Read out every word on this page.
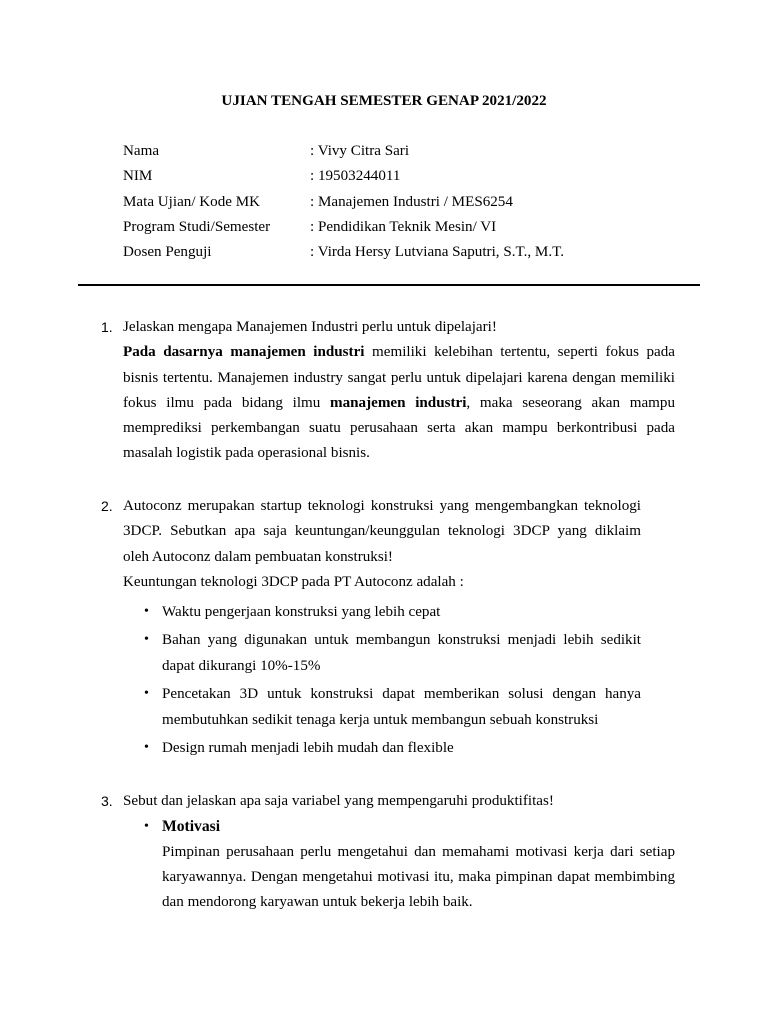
UJIAN TENGAH SEMESTER GENAP 2021/2022
Nama	: Vivy Citra Sari
NIM	: 19503244011
Mata Ujian/ Kode MK	: Manajemen Industri / MES6254
Program Studi/Semester	: Pendidikan Teknik Mesin/ VI
Dosen Penguji	: Virda Hersy Lutviana Saputri, S.T., M.T.
1. Jelaskan mengapa Manajemen Industri perlu untuk dipelajari!
Pada dasarnya manajemen industri memiliki kelebihan tertentu, seperti fokus pada
bisnis tertentu. Manajemen industry sangat perlu untuk dipelajari karena dengan memiliki
fokus ilmu pada bidang ilmu manajemen industri, maka seseorang akan mampu
memprediksi perkembangan suatu perusahaan serta akan mampu berkontribusi pada
masalah logistik pada operasional bisnis.
2. Autoconz merupakan startup teknologi konstruksi yang mengembangkan teknologi
3DCP. Sebutkan apa saja keuntungan/keunggulan teknologi 3DCP yang diklaim
oleh Autoconz dalam pembuatan konstruksi!
Keuntungan teknologi 3DCP pada PT Autoconz adalah :
•
Waktu pengerjaan konstruksi yang lebih cepat
•
Bahan yang digunakan untuk membangun konstruksi menjadi lebih sedikit
dapat dikurangi 10%-15%
•
Pencetakan 3D untuk konstruksi dapat memberikan solusi dengan hanya
membutuhkan sedikit tenaga kerja untuk membangun sebuah konstruksi
•
Design rumah menjadi lebih mudah dan flexible
3. Sebut dan jelaskan apa saja variabel yang mempengaruhi produktifitas!
•
Motivasi
Pimpinan perusahaan perlu mengetahui dan memahami motivasi kerja dari setiap
karyawannya. Dengan mengetahui motivasi itu, maka pimpinan dapat membimbing
dan mendorong karyawan untuk bekerja lebih baik.
